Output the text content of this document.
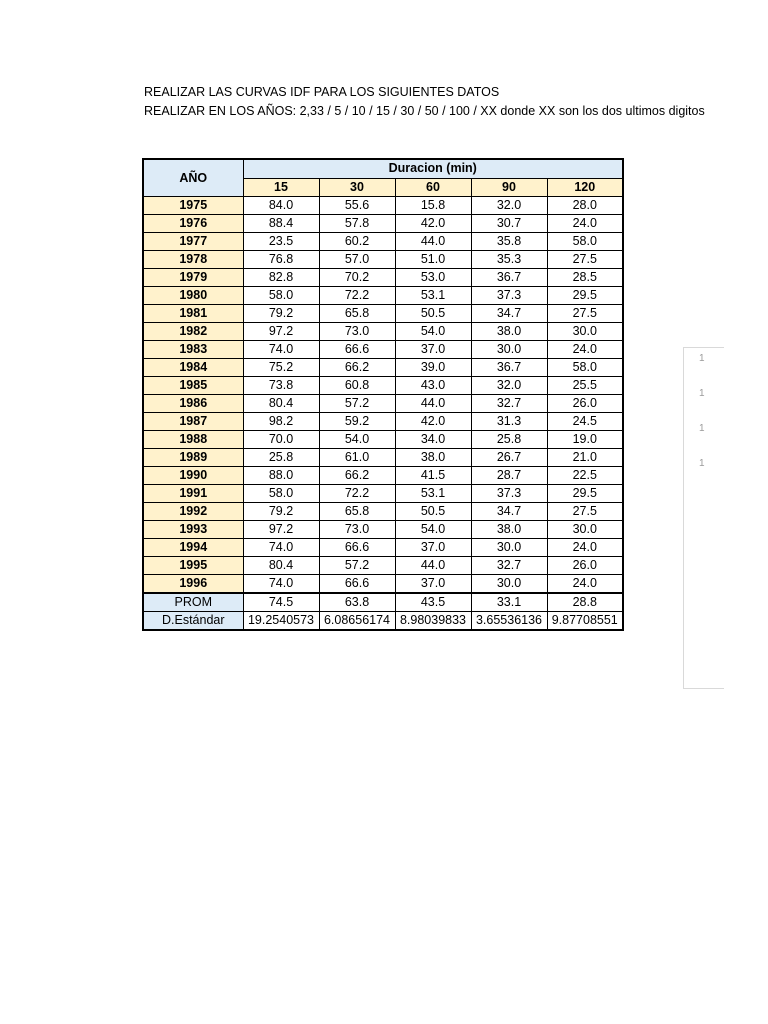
REALIZAR LAS CURVAS IDF PARA LOS SIGUIENTES DATOS
REALIZAR EN LOS AÑOS: 2,33 / 5 / 10 / 15 / 30 / 50 / 100 / XX donde XX son los dos ultimos digitos
AÑO	Duracion (min)				
	15	30	60	90	120
1975	84.0	55.6	15.8	32.0	28.0
1976	88.4	57.8	42.0	30.7	24.0
1977	23.5	60.2	44.0	35.8	58.0
1978	76.8	57.0	51.0	35.3	27.5
1979	82.8	70.2	53.0	36.7	28.5
1980	58.0	72.2	53.1	37.3	29.5
1981	79.2	65.8	50.5	34.7	27.5
1982	97.2	73.0	54.0	38.0	30.0
1983	74.0	66.6	37.0	30.0	24.0
1984	75.2	66.2	39.0	36.7	58.0
1985	73.8	60.8	43.0	32.0	25.5
1986	80.4	57.2	44.0	32.7	26.0
1987	98.2	59.2	42.0	31.3	24.5
1988	70.0	54.0	34.0	25.8	19.0
1989	25.8	61.0	38.0	26.7	21.0
1990	88.0	66.2	41.5	28.7	22.5
1991	58.0	72.2	53.1	37.3	29.5
1992	79.2	65.8	50.5	34.7	27.5
1993	97.2	73.0	54.0	38.0	30.0
1994	74.0	66.6	37.0	30.0	24.0
1995	80.4	57.2	44.0	32.7	26.0
1996	74.0	66.6	37.0	30.0	24.0
PROM	74.5	63.8	43.5	33.1	28.8
D.Estándar	19.2540573	6.08656174	8.98039833	3.65536136	9.87708551
1
1
1
1
